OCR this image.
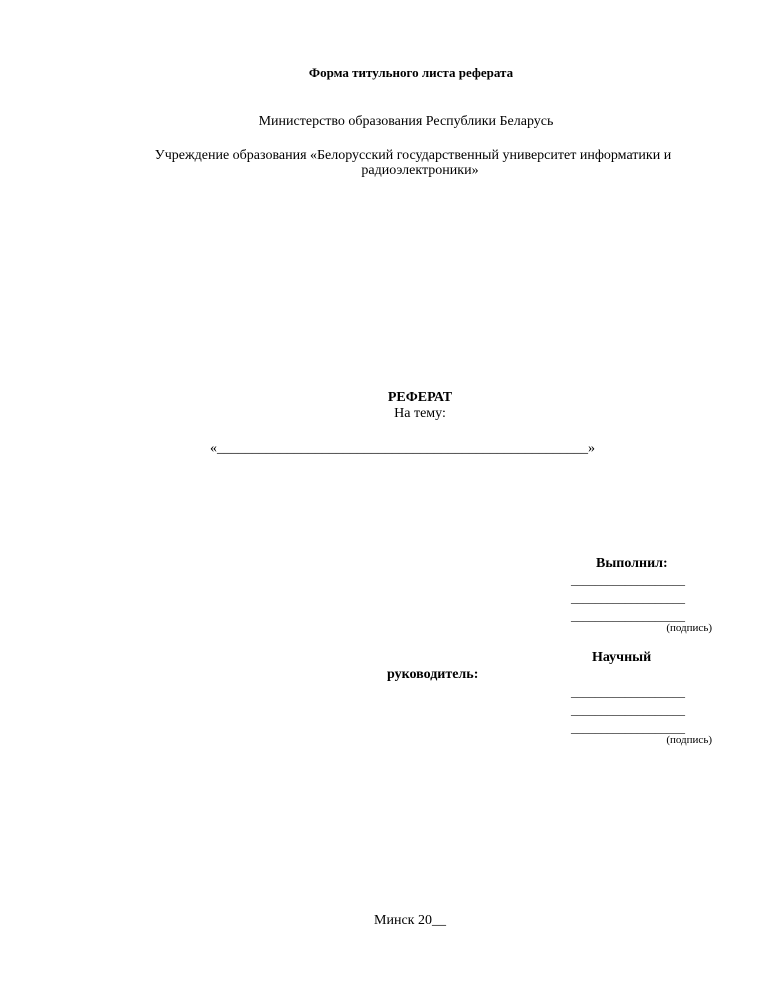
Форма титульного листа реферата
Министерство образования Республики Беларусь
Учреждение образования «Белорусский государственный университет информатики и
радиоэлектроники»
РЕФЕРАТ
На тему:
«_____________________________________________________»
Выполнил:
___________________
___________________
___________________
(подпись)
Научный
руководитель:
___________________
___________________
___________________
(подпись)
Минск 20__
